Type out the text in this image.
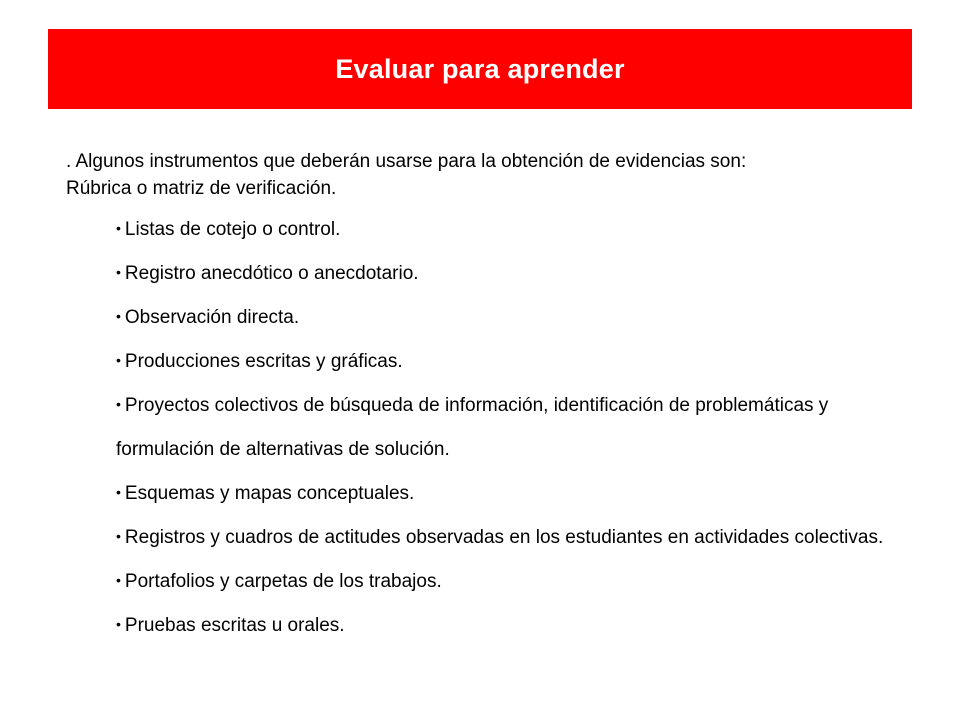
Evaluar para aprender
. Algunos instrumentos que deberán usarse para la obtención de evidencias son:
Rúbrica o matriz de verificación.
• Listas de cotejo o control.
• Registro anecdótico o anecdotario.
• Observación directa.
• Producciones escritas y gráficas.
• Proyectos colectivos de búsqueda de información, identificación de problemáticas y formulación de alternativas de solución.
• Esquemas y mapas conceptuales.
• Registros y cuadros de actitudes observadas en los estudiantes en actividades colectivas.
• Portafolios y carpetas de los trabajos.
• Pruebas escritas u orales.
